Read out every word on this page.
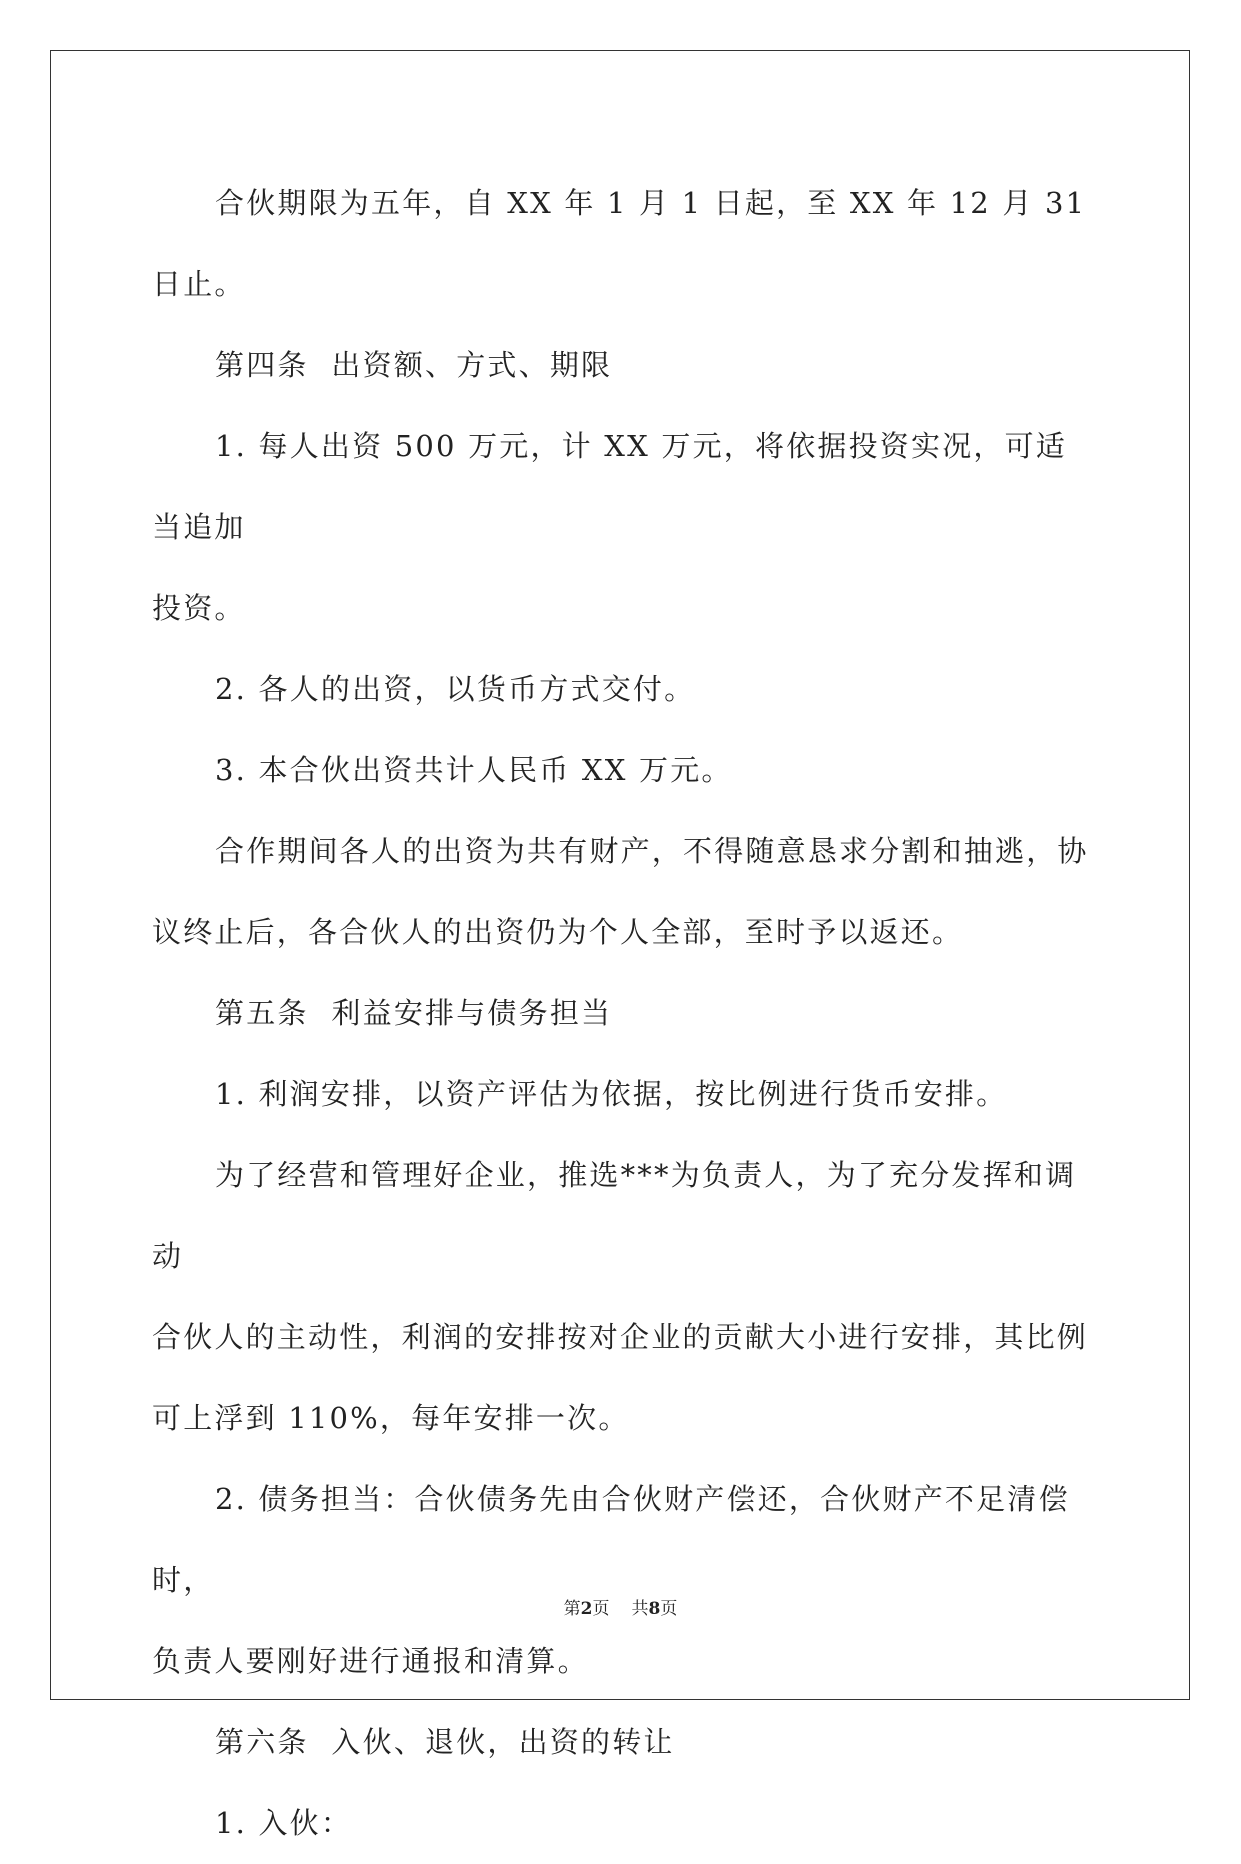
合伙期限为五年，自 XX 年 1 月 1 日起，至 XX 年 12 月 31 日止。
第四条  出资额、方式、期限
1. 每人出资 500 万元，计 XX 万元，将依据投资实况，可适当追加
投资。
2. 各人的出资，以货币方式交付。
3. 本合伙出资共计人民币 XX 万元。
合作期间各人的出资为共有财产，不得随意恳求分割和抽逃，协
议终止后，各合伙人的出资仍为个人全部，至时予以返还。
第五条  利益安排与债务担当
1. 利润安排，以资产评估为依据，按比例进行货币安排。
为了经营和管理好企业，推选***为负责人，为了充分发挥和调动
合伙人的主动性，利润的安排按对企业的贡献大小进行安排，其比例
可上浮到 110%，每年安排一次。
2. 债务担当：合伙债务先由合伙财产偿还，合伙财产不足清偿时，
负责人要刚好进行通报和清算。
第六条  入伙、退伙，出资的转让
1. 入伙：
第2页 共8页
